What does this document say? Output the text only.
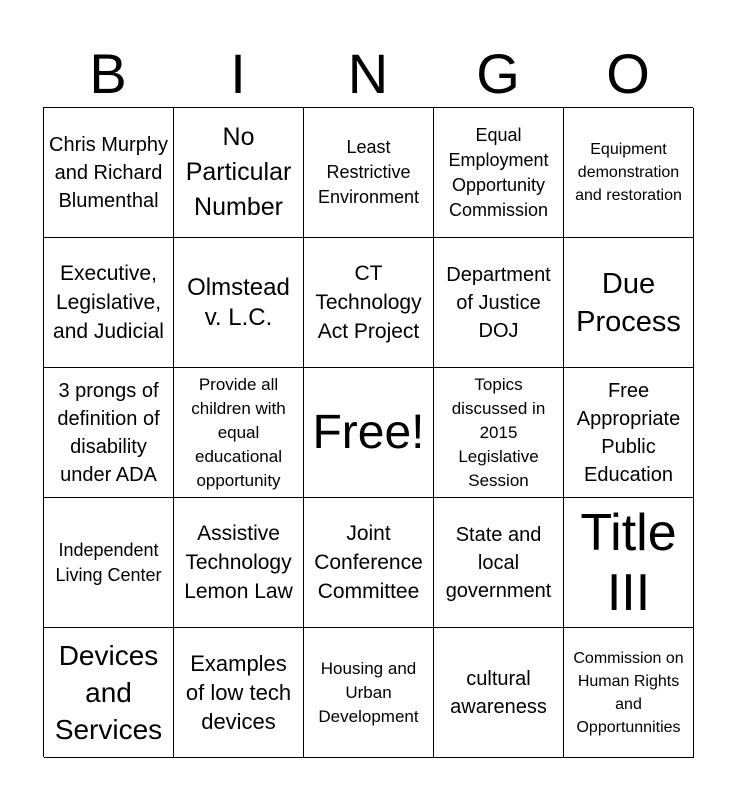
B	I	N	G	O
Chris Murphy and Richard Blumenthal
No Particular Number
Least Restrictive Environment
Equal Employment Opportunity Commission
Equipment demonstration and restoration
Executive, Legislative, and Judicial
Olmstead v. L.C.
CT Technology Act Project
Department of Justice DOJ
Due Process
3 prongs of definition of disability under ADA
Provide all children with equal educational opportunity
Free!
Topics discussed in 2015 Legislative Session
Free Appropriate Public Education
Independent Living Center
Assistive Technology Lemon Law
Joint Conference Committee
State and local government
Title III
Devices and Services
Examples of low tech devices
Housing and Urban Development
cultural awareness
Commission on Human Rights and Opportunnities
